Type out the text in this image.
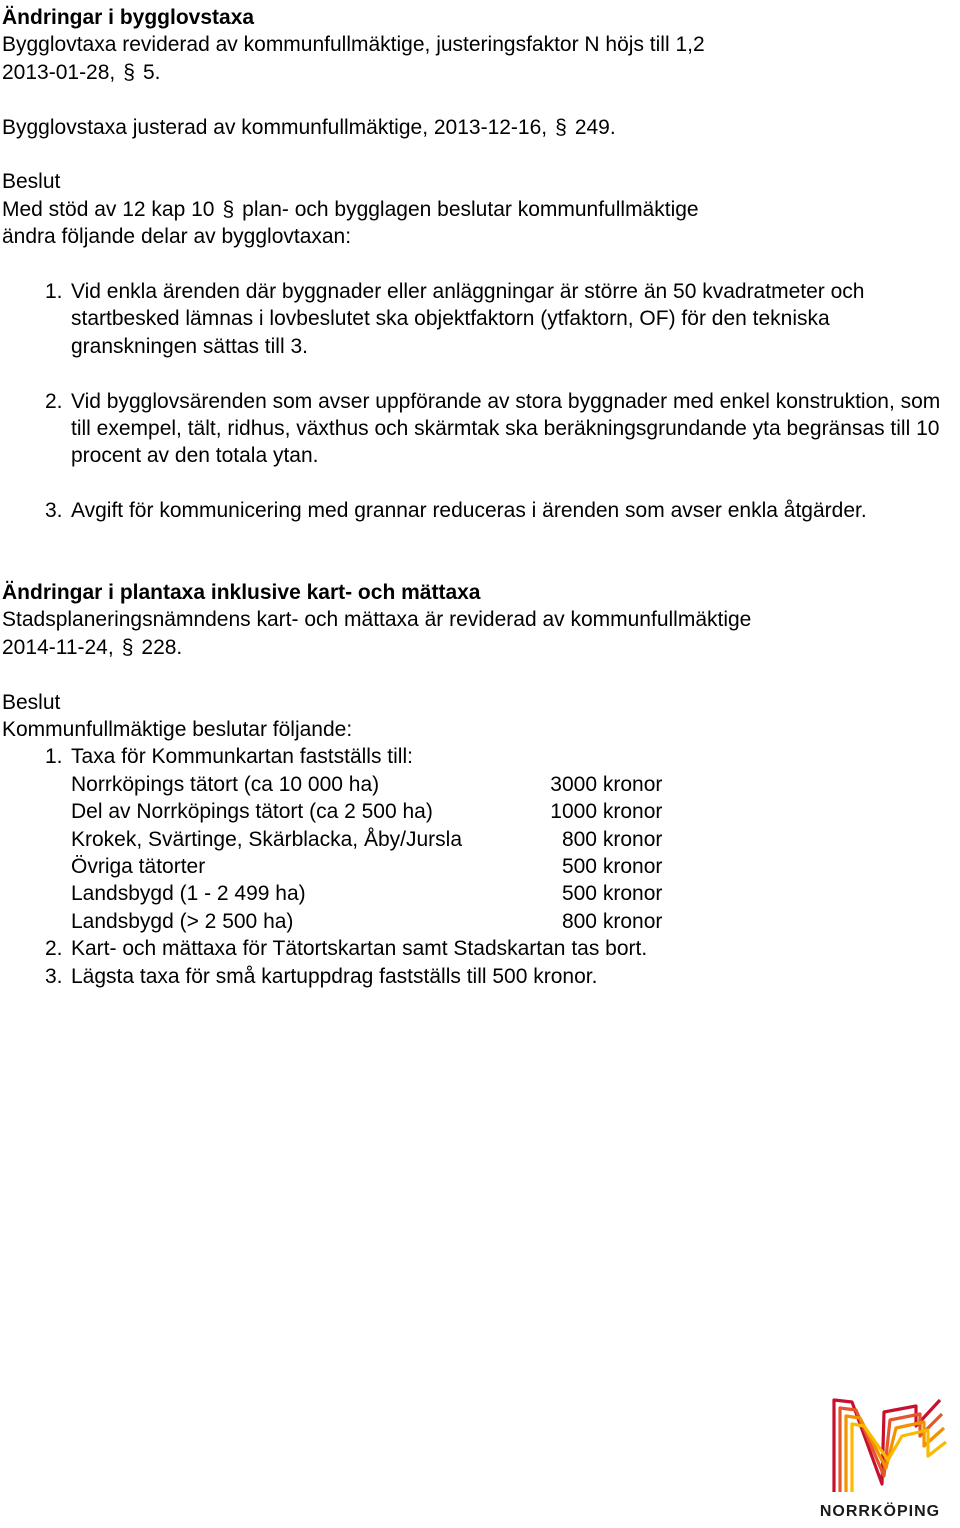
Ändringar i bygglovstaxa
Bygglovtaxa reviderad av kommunfullmäktige, justeringsfaktor N höjs till 1,2
2013-01-28, § 5.
Bygglovstaxa justerad av kommunfullmäktige, 2013-12-16, § 249.
Beslut
Med stöd av 12 kap 10 § plan- och bygglagen beslutar kommunfullmäktige
ändra följande delar av bygglovtaxan:
1. Vid enkla ärenden där byggnader eller anläggningar är större än 50 kvadratmeter och startbesked lämnas i lovbeslutet ska objektfaktorn (ytfaktorn, OF) för den tekniska granskningen sättas till 3.
2. Vid bygglovsärenden som avser uppförande av stora byggnader med enkel konstruktion, som till exempel, tält, ridhus, växthus och skärmtak ska beräkningsgrundande yta begränsas till 10 procent av den totala ytan.
3. Avgift för kommunicering med grannar reduceras i ärenden som avser enkla åtgärder.
Ändringar i plantaxa inklusive kart- och mättaxa
Stadsplaneringsnämndens kart- och mättaxa är reviderad av kommunfullmäktige
2014-11-24, § 228.
Beslut
Kommunfullmäktige beslutar följande:
1. Taxa för Kommunkartan fastställs till:
Norrköpings tätort (ca 10 000 ha)	3000 kronor
Del av Norrköpings tätort (ca 2 500 ha)	1000 kronor
Krokek, Svärtinge, Skärblacka, Åby/Jursla	800 kronor
Övriga tätorter	500 kronor
Landsbygd (1 - 2 499 ha)	500 kronor
Landsbygd (> 2 500 ha)	800 kronor
2. Kart- och mättaxa för Tätortskartan samt Stadskartan tas bort.
3. Lägsta taxa för små kartuppdrag fastställs till 500 kronor.
NORRKÖPING
